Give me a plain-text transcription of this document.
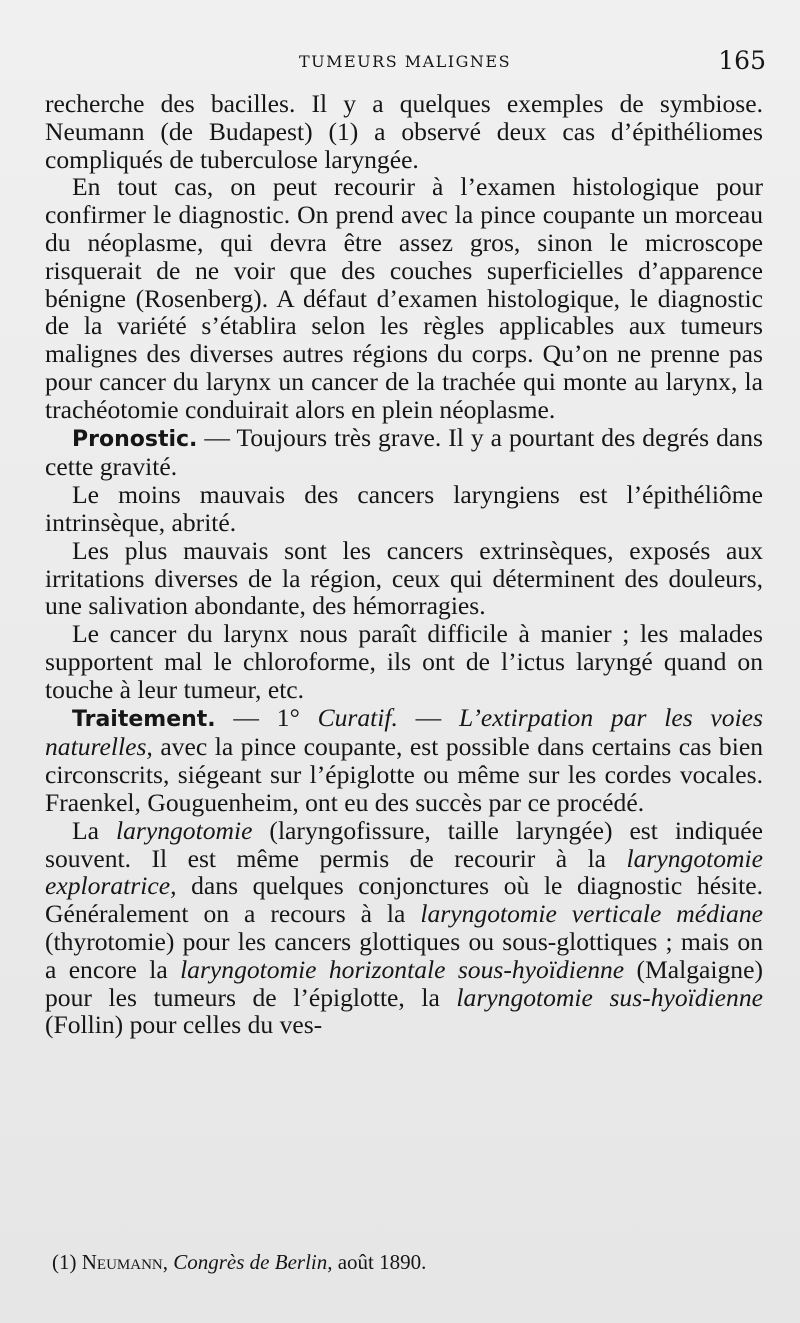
TUMEURS MALIGNES	165

recherche des bacilles. Il y a quelques exemples de symbiose. Neumann (de Budapest) (1) a observé deux cas d’épithéliomes compliqués de tuberculose laryngée.

En tout cas, on peut recourir à l’examen histologique pour confirmer le diagnostic. On prend avec la pince coupante un morceau du néoplasme, qui devra être assez gros, sinon le microscope risquerait de ne voir que des couches superficielles d’apparence bénigne (Rosenberg). A défaut d’examen histologique, le diagnostic de la variété s’établira selon les règles applicables aux tumeurs malignes des diverses autres régions du corps. Qu’on ne prenne pas pour cancer du larynx un cancer de la trachée qui monte au larynx, la trachéotomie conduirait alors en plein néoplasme.

Pronostic. — Toujours très grave. Il y a pourtant des degrés dans cette gravité.

Le moins mauvais des cancers laryngiens est l’épithéliôme intrinsèque, abrité.

Les plus mauvais sont les cancers extrinsèques, exposés aux irritations diverses de la région, ceux qui déterminent des douleurs, une salivation abondante, des hémorragies.

Le cancer du larynx nous paraît difficile à manier ; les malades supportent mal le chloroforme, ils ont de l’ictus laryngé quand on touche à leur tumeur, etc.

Traitement. — 1° Curatif. — L’extirpation par les voies naturelles, avec la pince coupante, est possible dans certains cas bien circonscrits, siégeant sur l’épiglotte ou même sur les cordes vocales. Fraenkel, Gouguenheim, ont eu des succès par ce procédé.

La laryngotomie (laryngofissure, taille laryngée) est indiquée souvent. Il est même permis de recourir à la laryngotomie exploratrice, dans quelques conjonctures où le diagnostic hésite. Généralement on a recours à la laryngotomie verticale médiane (thyrotomie) pour les cancers glottiques ou sous-glottiques ; mais on a encore la laryngotomie horizontale sous-hyoïdienne (Malgaigne) pour les tumeurs de l’épiglotte, la laryngotomie sus-hyoïdienne (Follin) pour celles du ves-

(1) Neumann, Congrès de Berlin, août 1890.
